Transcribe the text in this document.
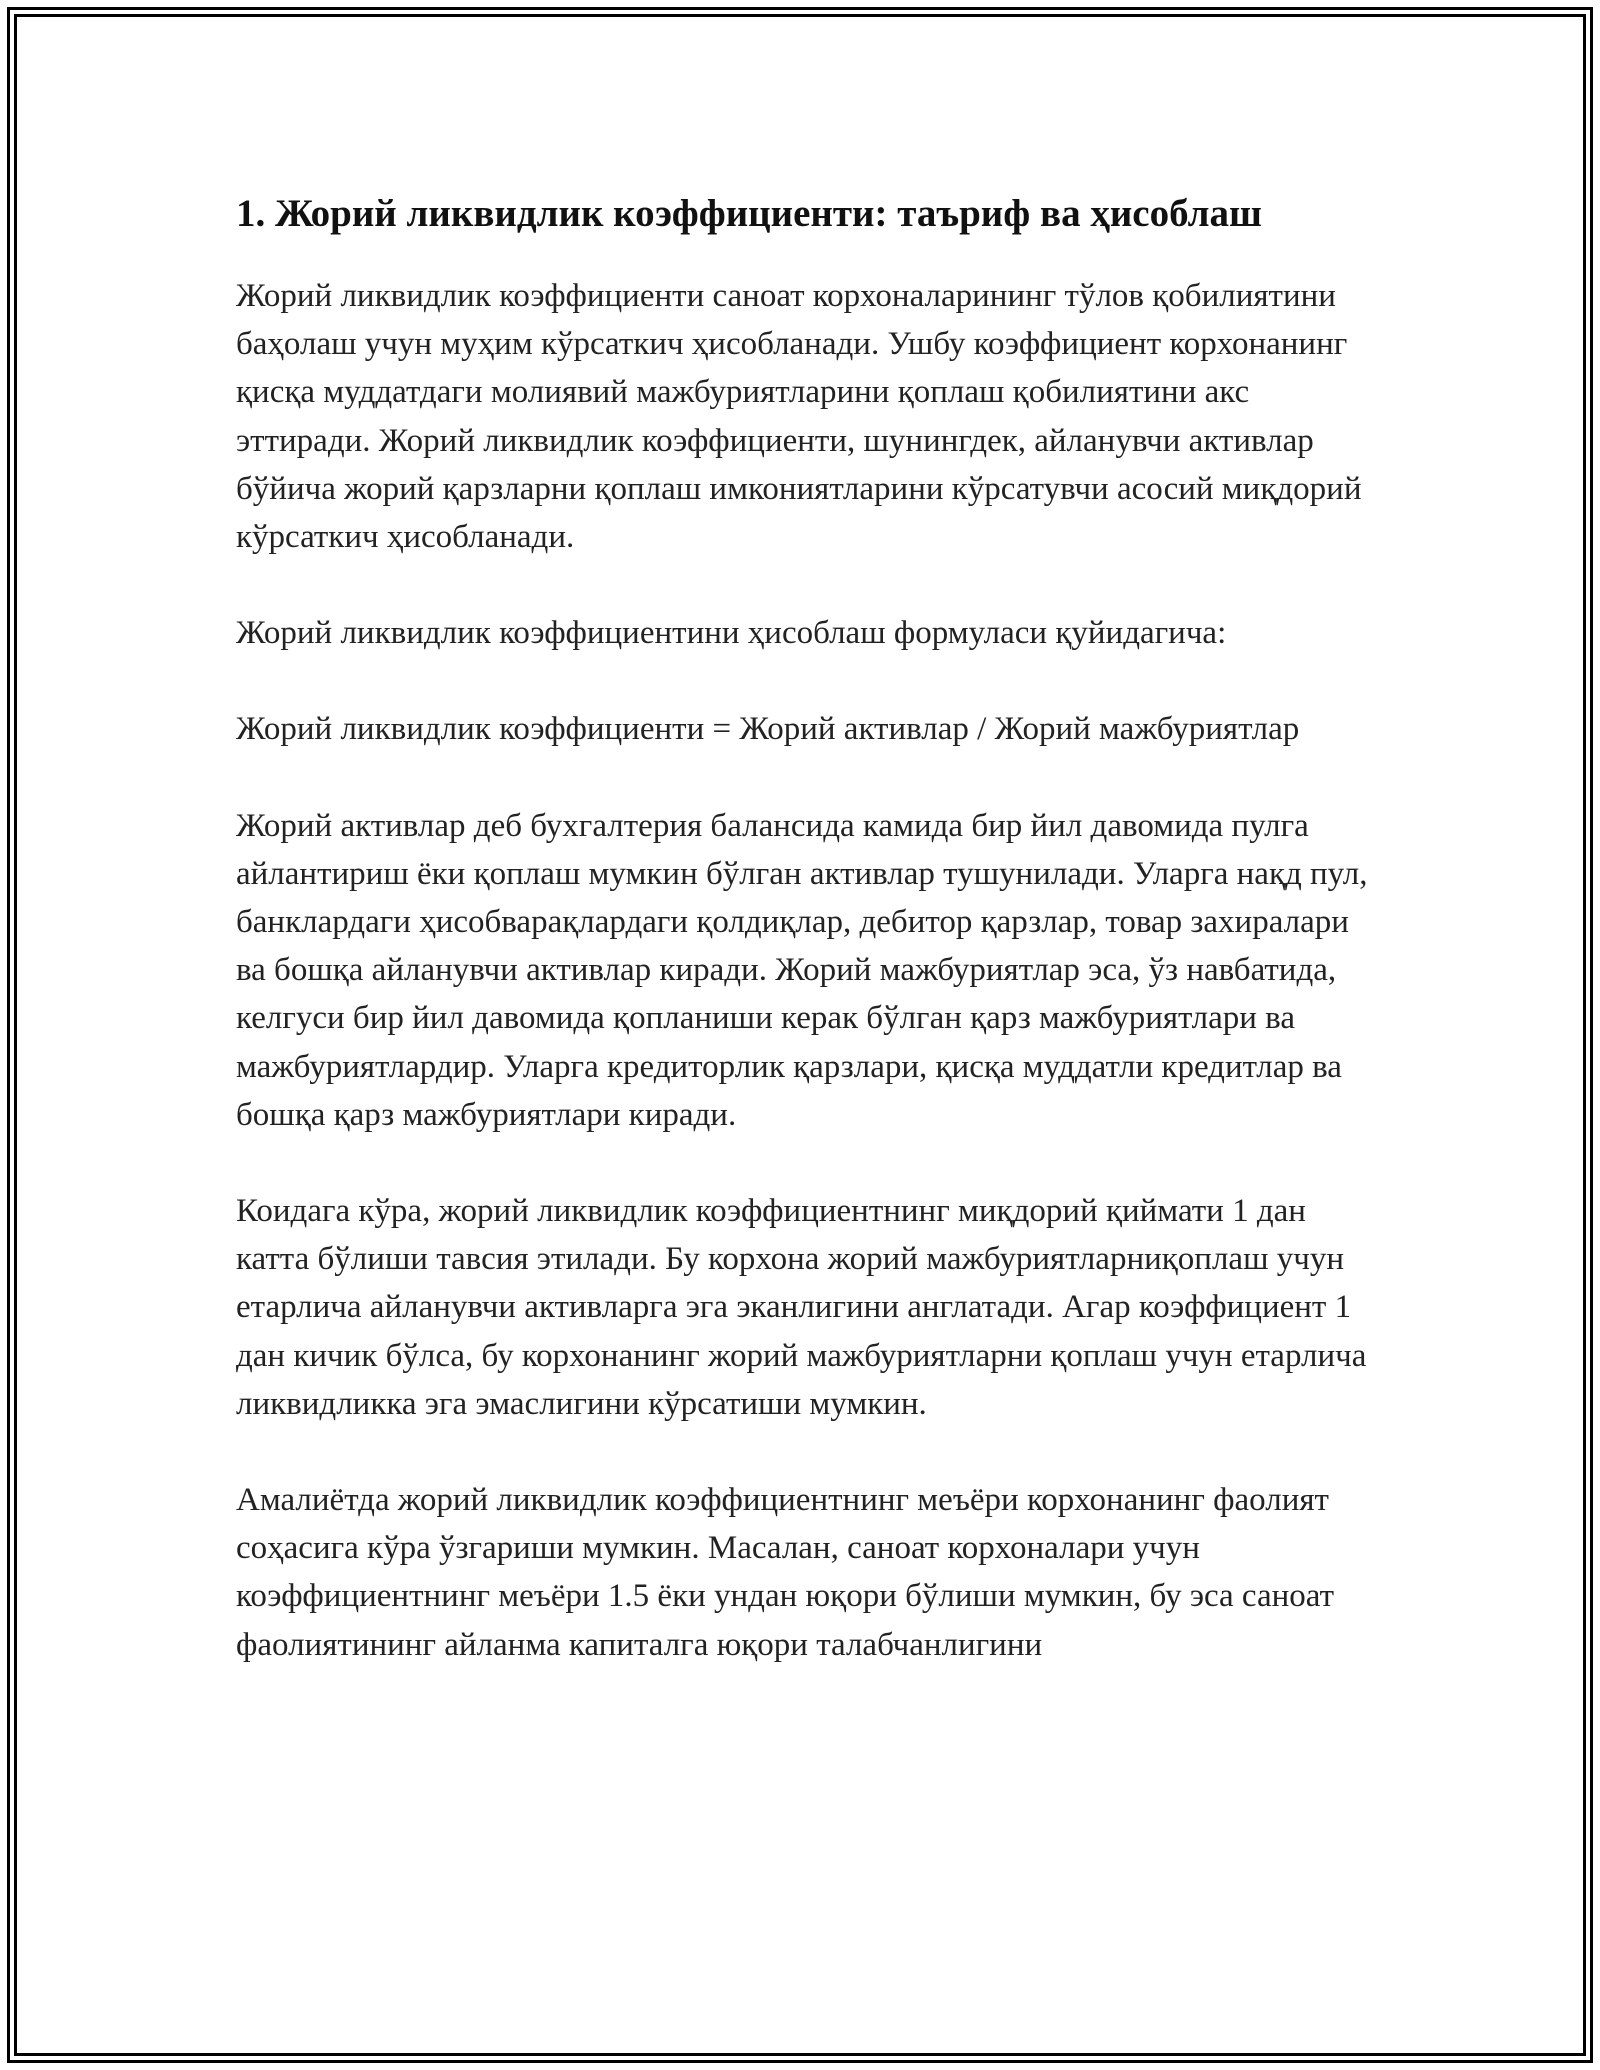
1. Жорий ликвидлик коэффициенти: таъриф ва ҳисоблаш

Жорий ликвидлик коэффициенти саноат корхоналарининг тўлов қобилиятини баҳолаш учун муҳим кўрсаткич ҳисобланади. Ушбу коэффициент корхонанинг қисқа муддатдаги молиявий мажбуриятларини қоплаш қобилиятини акс эттиради. Жорий ликвидлик коэффициенти, шунингдек, айланувчи активлар бўйича жорий қарзларни қоплаш имкониятларини кўрсатувчи асосий миқдорий кўрсаткич ҳисобланади.

Жорий ликвидлик коэффициентини ҳисоблаш формуласи қуйидагича:

Жорий ликвидлик коэффициенти = Жорий активлар / Жорий мажбуриятлар

Жорий активлар деб бухгалтерия балансида камида бир йил давомида пулга айлантириш ёки қоплаш мумкин бўлган активлар тушунилади. Уларга нақд пул, банклардаги ҳисобварақлардаги қолдиқлар, дебитор қарзлар, товар захиралари ва бошқа айланувчи активлар киради. Жорий мажбуриятлар эса, ўз навбатида, келгуси бир йил давомида қопланиши керак бўлган қарз мажбуриятлари ва мажбуриятлардир. Уларга кредиторлик қарзлари, қисқа муддатли кредитлар ва бошқа қарз мажбуриятлари киради.

Коидага кўра, жорий ликвидлик коэффициентнинг миқдорий қиймати 1 дан катта бўлиши тавсия этилади. Бу корхона жорий мажбуриятларниқоплаш учун етарлича айланувчи активларга эга эканлигини англатади. Агар коэффициент 1 дан кичик бўлса, бу корхонанинг жорий мажбуриятларни қоплаш учун етарлича ликвидликка эга эмаслигини кўрсатиши мумкин.

Амалиётда жорий ликвидлик коэффициентнинг меъёри корхонанинг фаолият соҳасига кўра ўзгариши мумкин. Масалан, саноат корхоналари учун коэффициентнинг меъёри 1.5 ёки ундан юқори бўлиши мумкин, бу эса саноат фаолиятининг айланма капиталга юқори талабчанлигини
